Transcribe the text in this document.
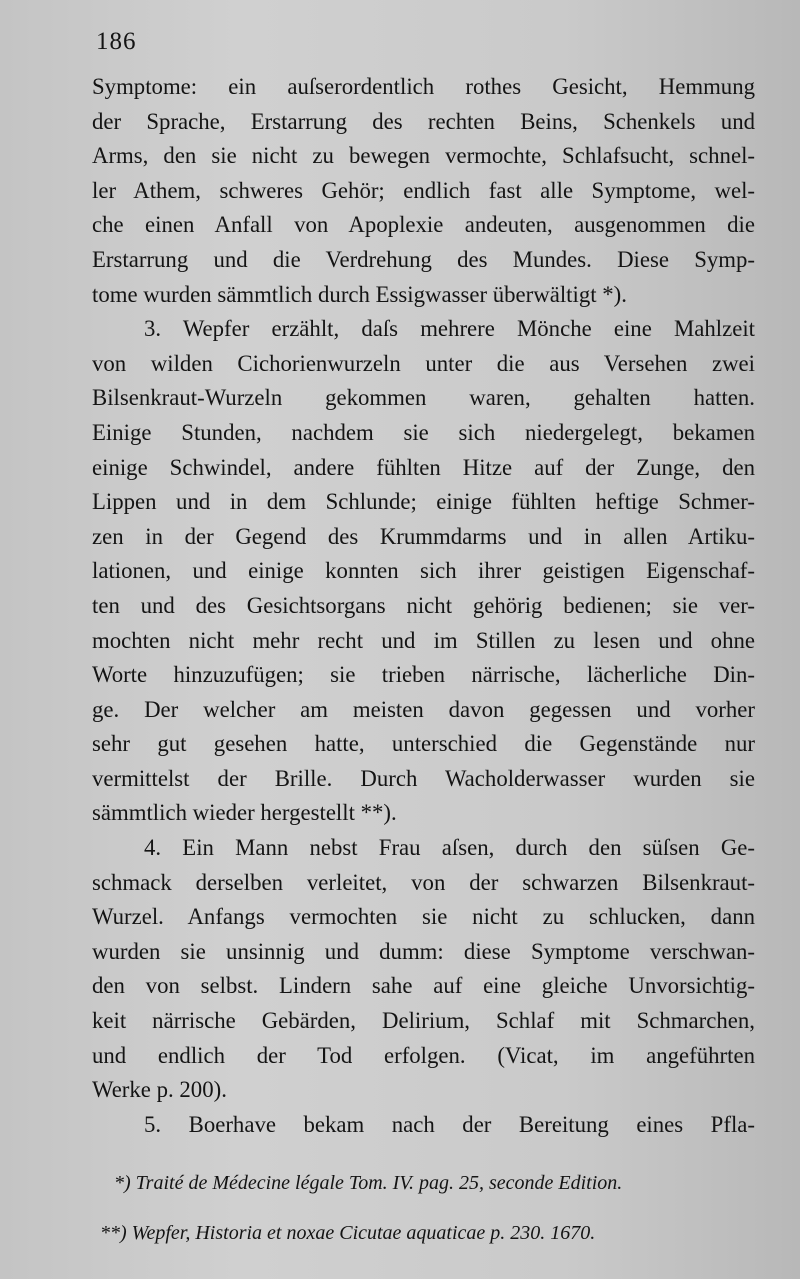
186
Symptome: ein auſserordentlich rothes Gesicht, Hemmung
der Sprache, Erstarrung des rechten Beins, Schenkels und
Arms, den sie nicht zu bewegen vermochte, Schlafsucht, schnel-
ler Athem, schweres Gehör; endlich fast alle Symptome, wel-
che einen Anfall von Apoplexie andeuten, ausgenommen die
Erstarrung und die Verdrehung des Mundes. Diese Symp-
tome wurden sämmtlich durch Essigwasser überwältigt *).
3. Wepfer erzählt, daſs mehrere Mönche eine Mahlzeit
von wilden Cichorienwurzeln unter die aus Versehen zwei
Bilsenkraut-Wurzeln gekommen waren, gehalten hatten.
Einige Stunden, nachdem sie sich niedergelegt, bekamen
einige Schwindel, andere fühlten Hitze auf der Zunge, den
Lippen und in dem Schlunde; einige fühlten heftige Schmer-
zen in der Gegend des Krummdarms und in allen Artiku-
lationen, und einige konnten sich ihrer geistigen Eigenschaf-
ten und des Gesichtsorgans nicht gehörig bedienen; sie ver-
mochten nicht mehr recht und im Stillen zu lesen und ohne
Worte hinzuzufügen; sie trieben närrische, lächerliche Din-
ge. Der welcher am meisten davon gegessen und vorher
sehr gut gesehen hatte, unterschied die Gegenstände nur
vermittelst der Brille. Durch Wacholderwasser wurden sie
sämmtlich wieder hergestellt **).
4. Ein Mann nebst Frau aſsen, durch den süſsen Ge-
schmack derselben verleitet, von der schwarzen Bilsenkraut-
Wurzel. Anfangs vermochten sie nicht zu schlucken, dann
wurden sie unsinnig und dumm: diese Symptome verschwan-
den von selbst. Lindern sahe auf eine gleiche Unvorsichtig-
keit närrische Gebärden, Delirium, Schlaf mit Schmarchen,
und endlich der Tod erfolgen. (Vicat, im angeführten
Werke p. 200).
5. Boerhave bekam nach der Bereitung eines Pfla-
*) Traité de Médecine légale Tom. IV. pag. 25, seconde Edition.
**) Wepfer, Historia et noxae Cicutae aquaticae p. 230. 1670.
